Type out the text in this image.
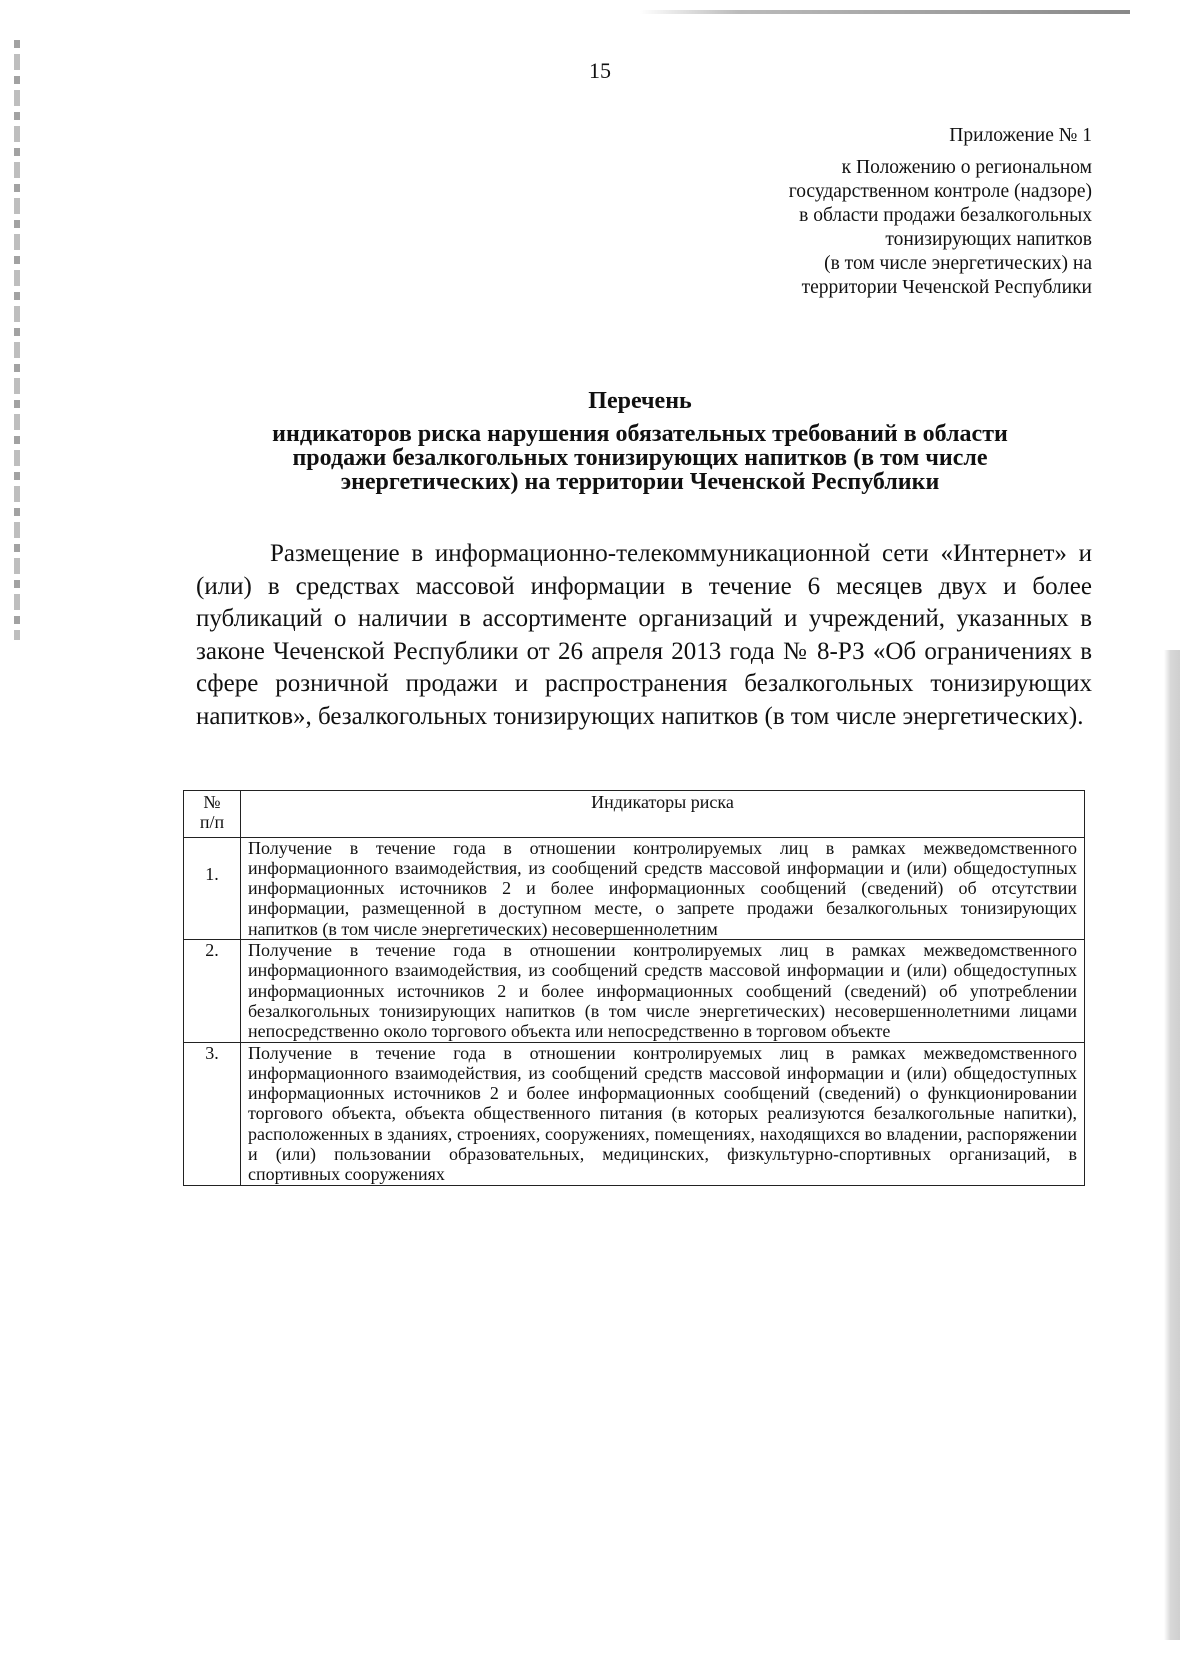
15
Приложение № 1
к Положению о региональном
государственном контроле (надзоре)
в области продажи безалкогольных
тонизирующих напитков
(в том числе энергетических) на
территории Чеченской Республики
Перечень
индикаторов риска нарушения обязательных требований в области
продажи безалкогольных тонизирующих напитков (в том числе
энергетических) на территории Чеченской Республики
Размещение в информационно-телекоммуникационной сети «Интернет» и (или) в средствах массовой информации в течение 6 месяцев двух и более публикаций о наличии в ассортименте организаций и учреждений, указанных в законе Чеченской Республики от 26 апреля 2013 года № 8-РЗ «Об ограничениях в сфере розничной продажи и распространения безалкогольных тонизирующих напитков», безалкогольных тонизирующих напитков (в том числе энергетических).
№
п/п	Индикаторы риска
1.	Получение в течение года в отношении контролируемых лиц в рамках межведомственного информационного взаимодействия, из сообщений средств массовой информации и (или) общедоступных информационных источников 2 и более информационных сообщений (сведений) об отсутствии информации, размещенной в доступном месте, о запрете продажи безалкогольных тонизирующих напитков (в том числе энергетических) несовершеннолетним
2.	Получение в течение года в отношении контролируемых лиц в рамках межведомственного информационного взаимодействия, из сообщений средств массовой информации и (или) общедоступных информационных источников 2 и более информационных сообщений (сведений) об употреблении безалкогольных тонизирующих напитков (в том числе энергетических) несовершеннолетними лицами непосредственно около торгового объекта или непосредственно в торговом объекте
3.	Получение в течение года в отношении контролируемых лиц в рамках межведомственного информационного взаимодействия, из сообщений средств массовой информации и (или) общедоступных информационных источников 2 и более информационных сообщений (сведений) о функционировании торгового объекта, объекта общественного питания (в которых реализуются безалкогольные напитки), расположенных в зданиях, строениях, сооружениях, помещениях, находящихся во владении, распоряжении и (или) пользовании образовательных, медицинских, физкультурно-спортивных организаций, в спортивных сооружениях
